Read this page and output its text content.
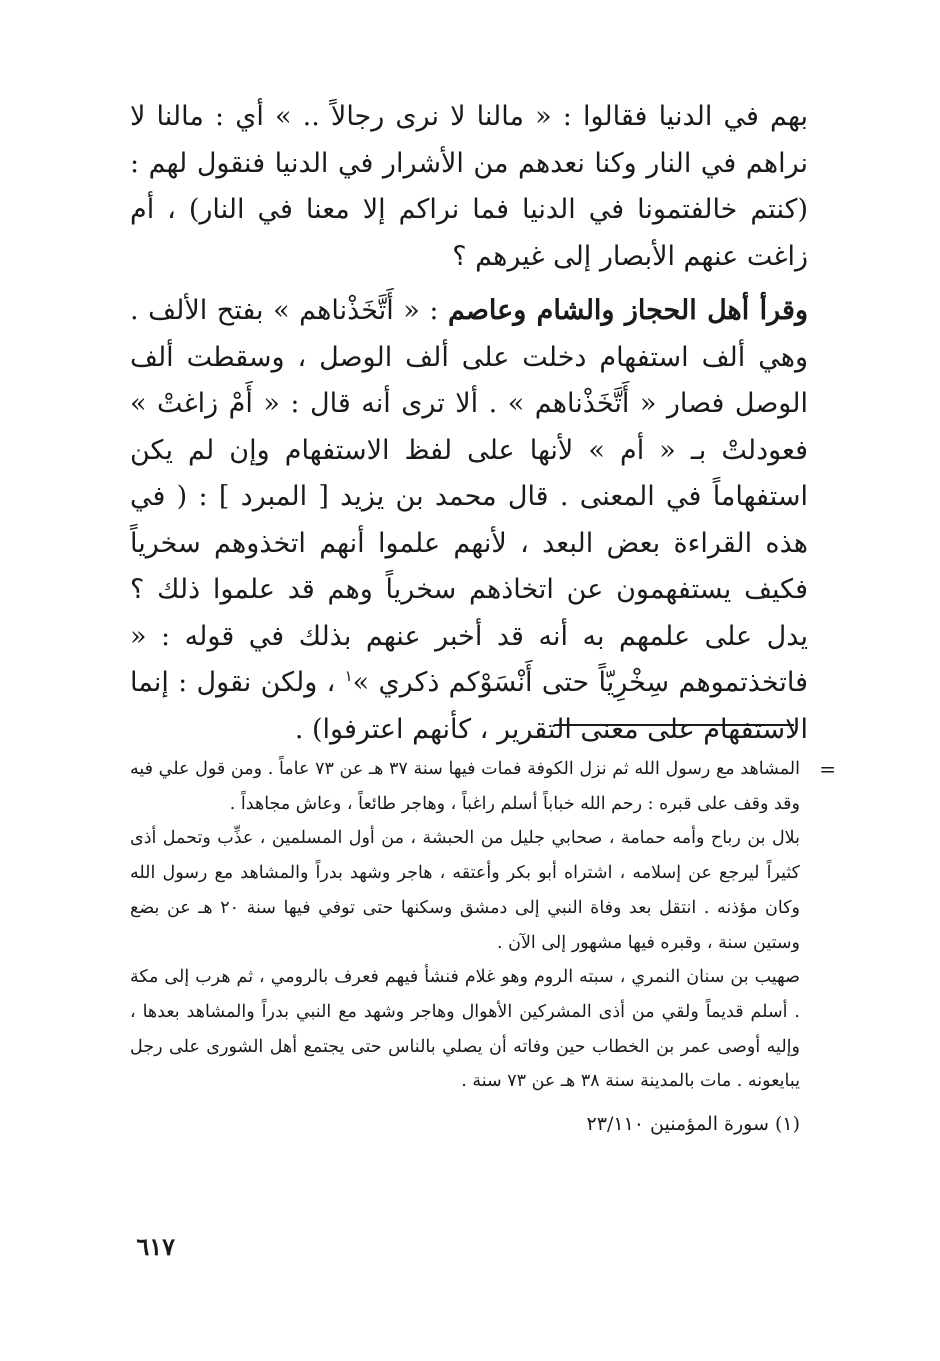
بهم في الدنيا فقالوا : « مالنا لا نرى رجالاً .. » أي : مالنا لا نراهم في النار وكنا نعدهم من الأشرار في الدنيا فنقول لهم : (كنتم خالفتمونا في الدنيا فما نراكم إلا معنا في النار) ، أم زاغت عنهم الأبصار إلى غيرهم ؟

وقرأ أهل الحجاز والشام وعاصم : « أَتَّخَذْناهم » بفتح الألف . وهي ألف استفهام دخلت على ألف الوصل ، وسقطت ألف الوصل فصار « أَتَّخَذْناهم » . ألا ترى أنه قال : « أَمْ زاغتْ » فعودلتْ بـ « أم » لأنها على لفظ الاستفهام وإن لم يكن استفهاماً في المعنى . قال محمد بن يزيد [ المبرد ] : ( في هذه القراءة بعض البعد ، لأنهم علموا أنهم اتخذوهم سخرياً فكيف يستفهمون عن اتخاذهم سخرياً وهم قد علموا ذلك ؟ يدل على علمهم به أنه قد أخبر عنهم بذلك في قوله : « فاتخذتموهم سِخْرِيّاً حتى أَنْسَوْكم ذكري »$^١$ ، ولكن نقول : إنما الاستفهام على معنى التقرير ، كأنهم اعترفوا) .

=
المشاهد مع رسول الله ثم نزل الكوفة فمات فيها سنة ٣٧ هـ عن ٧٣ عاماً . ومن قول علي فيه وقد وقف على قبره : رحم الله خباباً أسلم راغباً ، وهاجر طائعاً ، وعاش مجاهداً .

بلال بن رباح وأمه حمامة ، صحابي جليل من الحبشة ، من أول المسلمين ، عذِّب وتحمل أذى كثيراً ليرجع عن إسلامه ، اشتراه أبو بكر وأعتقه ، هاجر وشهد بدراً والمشاهد مع رسول الله وكان مؤذنه . انتقل بعد وفاة النبي إلى دمشق وسكنها حتى توفي فيها سنة ٢٠ هـ عن بضع وستين سنة ، وقبره فيها مشهور إلى الآن .

صهيب بن سنان النمري ، سبته الروم وهو غلام فنشأ فيهم فعرف بالرومي ، ثم هرب إلى مكة . أسلم قديماً ولقي من أذى المشركين الأهوال وهاجر وشهد مع النبي بدراً والمشاهد بعدها ، وإليه أوصى عمر بن الخطاب حين وفاته أن يصلي بالناس حتى يجتمع أهل الشورى على رجل يبايعونه . مات بالمدينة سنة ٣٨ هـ عن ٧٣ سنة .

(١) سورة المؤمنين ٢٣/١١٠

٦١٧
